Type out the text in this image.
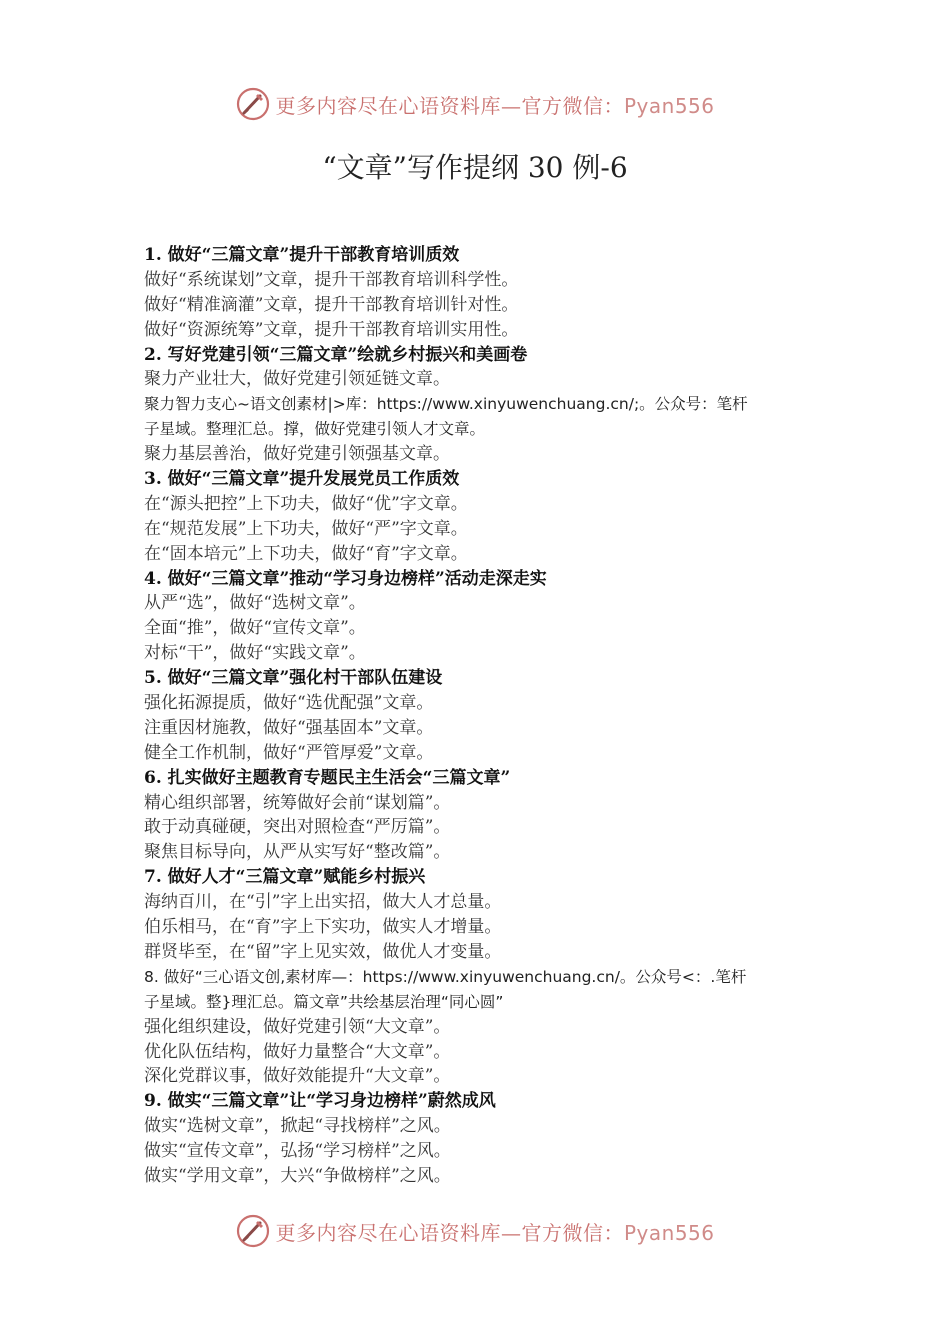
更多内容尽在心语资料库—官方微信：Pyan556
“文章”写作提纲 30 例-6
1. 做好“三篇文章”提升干部教育培训质效
做好“系统谋划”文章，提升干部教育培训科学性。
做好“精准滴灌”文章，提升干部教育培训针对性。
做好“资源统筹”文章，提升干部教育培训实用性。
2. 写好党建引领“三篇文章”绘就乡村振兴和美画卷
聚力产业壮大，做好党建引领延链文章。
聚力智力支心~语文创素材|>库：https://www.xinyuwenchuang.cn/;。公众号：笔杆
子星域。整理汇总。撑，做好党建引领人才文章。
聚力基层善治，做好党建引领强基文章。
3. 做好“三篇文章”提升发展党员工作质效
在“源头把控”上下功夫，做好“优”字文章。
在“规范发展”上下功夫，做好“严”字文章。
在“固本培元”上下功夫，做好“育”字文章。
4. 做好“三篇文章”推动“学习身边榜样”活动走深走实
从严“选”，做好“选树文章”。
全面“推”，做好“宣传文章”。
对标“干”，做好“实践文章”。
5. 做好“三篇文章”强化村干部队伍建设
强化拓源提质，做好“选优配强”文章。
注重因材施教，做好“强基固本”文章。
健全工作机制，做好“严管厚爱”文章。
6. 扎实做好主题教育专题民主生活会“三篇文章”
精心组织部署，统筹做好会前“谋划篇”。
敢于动真碰硬，突出对照检查“严厉篇”。
聚焦目标导向，从严从实写好“整改篇”。
7. 做好人才“三篇文章”赋能乡村振兴
海纳百川，在“引”字上出实招，做大人才总量。
伯乐相马，在“育”字上下实功，做实人才增量。
群贤毕至，在“留”字上见实效，做优人才变量。
8. 做好“三心语文创,素材库—：https://www.xinyuwenchuang.cn/。公众号<：.笔杆
子星域。整}理汇总。篇文章”共绘基层治理“同心圆”
强化组织建设，做好党建引领“大文章”。
优化队伍结构，做好力量整合“大文章”。
深化党群议事，做好效能提升“大文章”。
9. 做实“三篇文章”让“学习身边榜样”蔚然成风
做实“选树文章”，掀起“寻找榜样”之风。
做实“宣传文章”，弘扬“学习榜样”之风。
做实“学用文章”，大兴“争做榜样”之风。
更多内容尽在心语资料库—官方微信：Pyan556
